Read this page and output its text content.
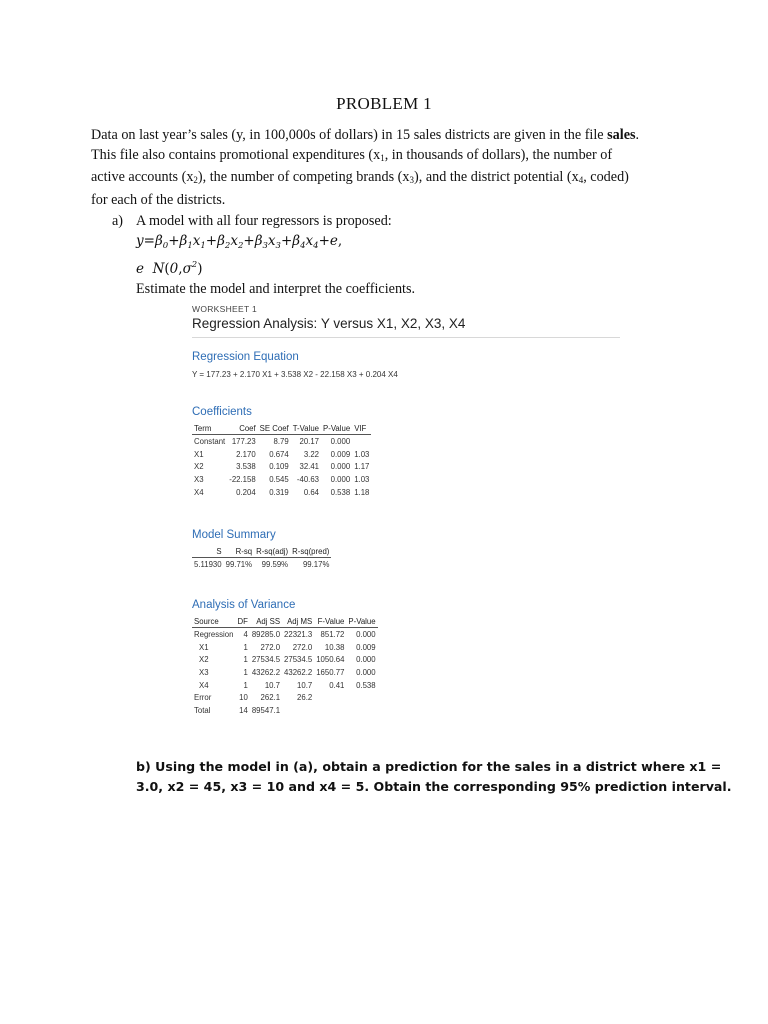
PROBLEM 1
Data on last year’s sales (y, in 100,000s of dollars) in 15 sales districts are given in the file sales.
This file also contains promotional expenditures ($x_1$, in thousands of dollars), the number of
active accounts $(x_2)$, the number of competing brands $(x_3)$, and the district potential ($x_4$, coded)
for each of the districts.
a) A model with all four regressors is proposed:
$y=\beta_0+\beta_1x_1+\beta_2x_2+\beta_3x_3+\beta_4x_4+e$,
e  $N(0,\sigma^2)$
Estimate the model and interpret the coefficients.
WORKSHEET 1
Regression Analysis: Y versus X1, X2, X3, X4
Regression Equation
Y = 177.23 + 2.170 X1 + 3.538 X2 - 22.158 X3 + 0.204 X4
Coefficients
Term	Coef	SE Coef	T-Value	P-Value	VIF
Constant	177.23	8.79	20.17	0.000	
X1	2.170	0.674	3.22	0.009	1.03
X2	3.538	0.109	32.41	0.000	1.17
X3	-22.158	0.545	-40.63	0.000	1.03
X4	0.204	0.319	0.64	0.538	1.18
Model Summary
S	R-sq	R-sq(adj)	R-sq(pred)
5.11930	99.71%	99.59%	99.17%
Analysis of Variance
Source	DF	Adj SS	Adj MS	F-Value	P-Value
Regression	4	89285.0	22321.3	851.72	0.000
X1	1	272.0	272.0	10.38	0.009
X2	1	27534.5	27534.5	1050.64	0.000
X3	1	43262.2	43262.2	1650.77	0.000
X4	1	10.7	10.7	0.41	0.538
Error	10	262.1	26.2		
Total	14	89547.1			
b) Using the model in (a), obtain a prediction for the sales in a district where x1 =
3.0, x2 = 45, x3 = 10 and x4 = 5. Obtain the corresponding 95% prediction interval.
